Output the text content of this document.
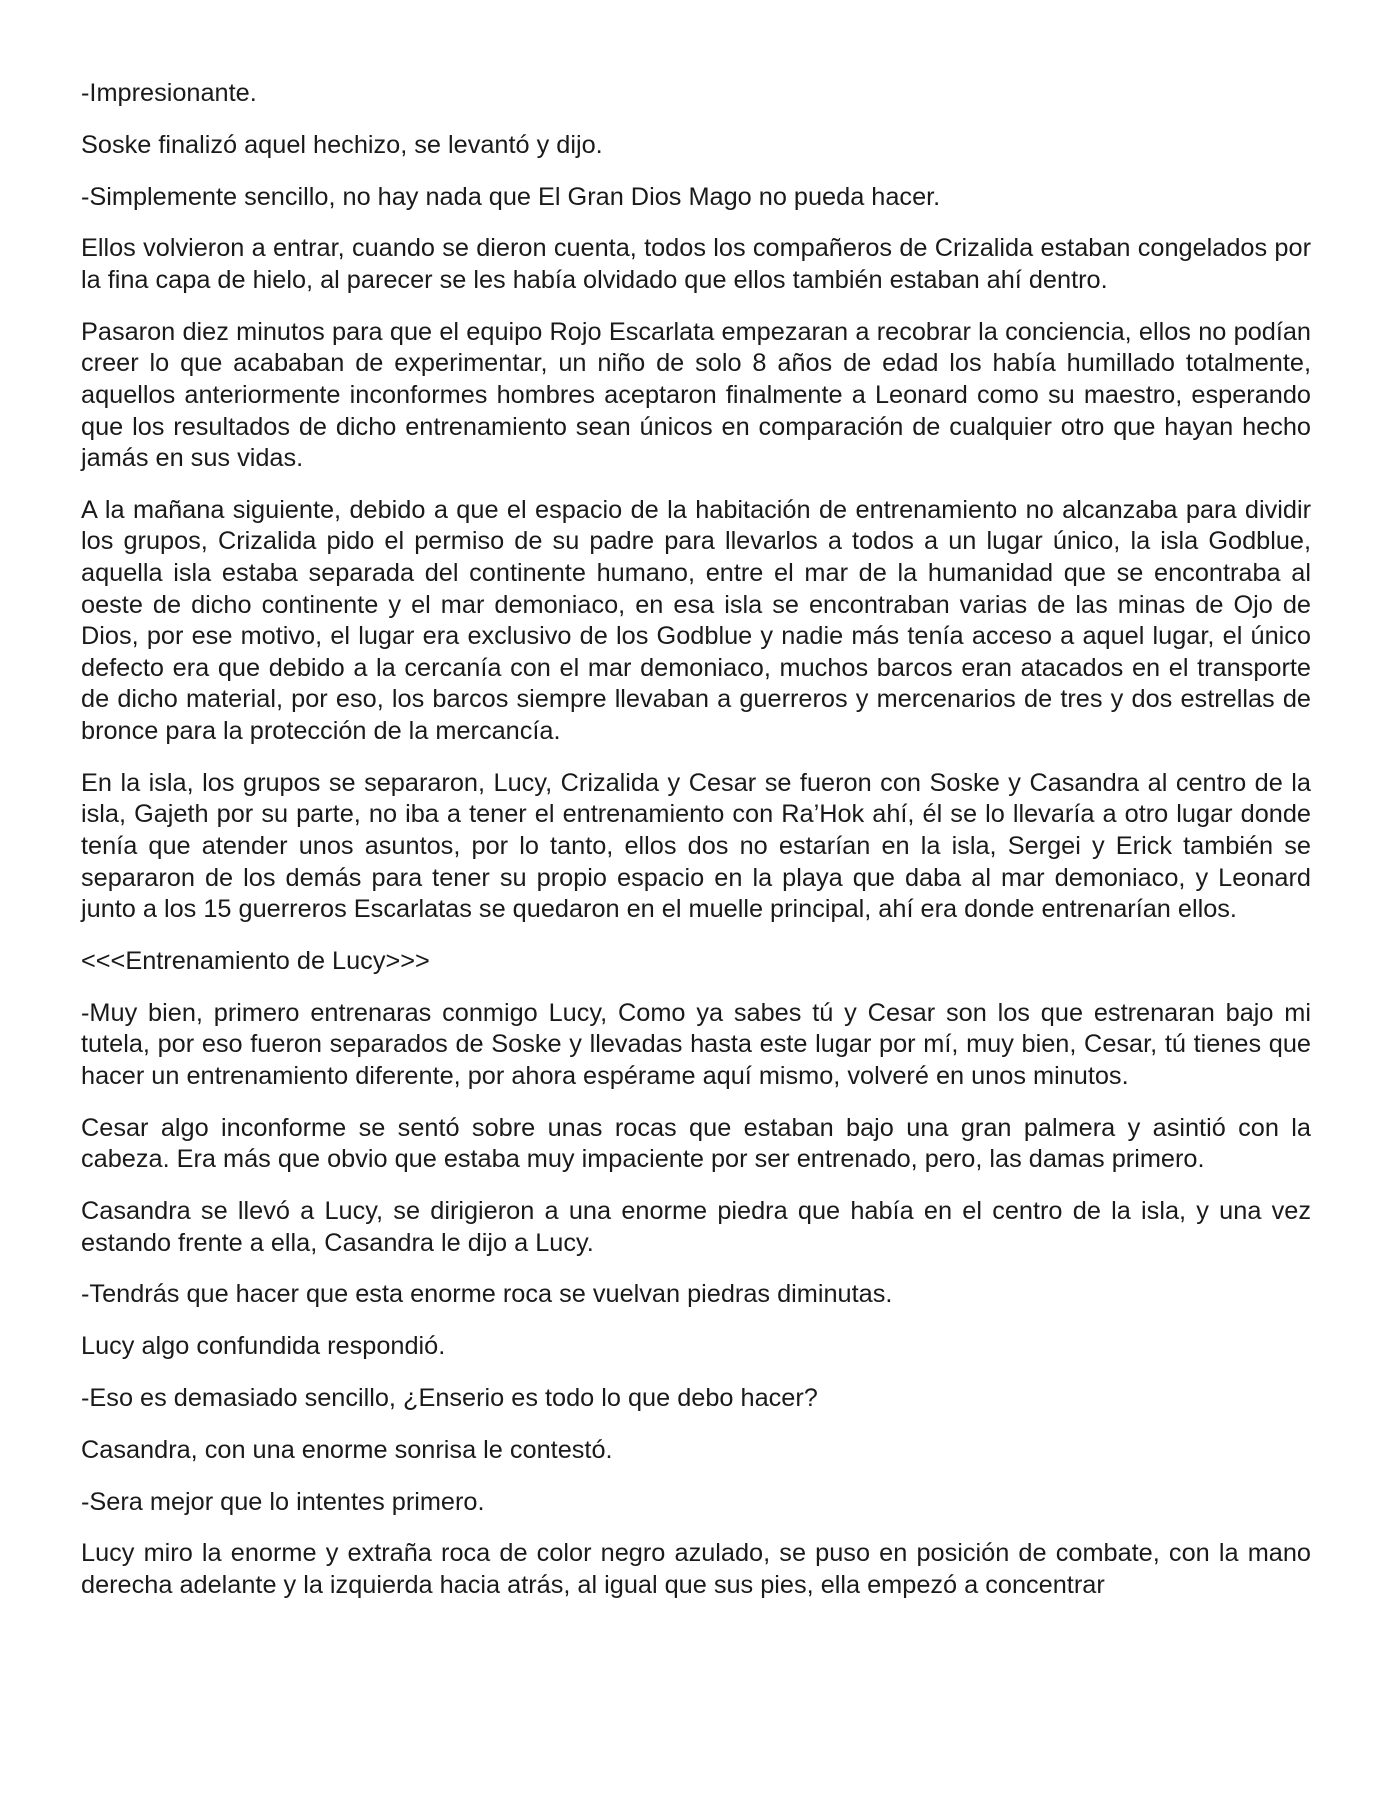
-Impresionante.

Soske finalizó aquel hechizo, se levantó y dijo.

-Simplemente sencillo, no hay nada que El Gran Dios Mago no pueda hacer.

Ellos volvieron a entrar, cuando se dieron cuenta, todos los compañeros de Crizalida estaban congelados por la fina capa de hielo, al parecer se les había olvidado que ellos también estaban ahí dentro.

Pasaron diez minutos para que el equipo Rojo Escarlata empezaran a recobrar la conciencia, ellos no podían creer lo que acababan de experimentar, un niño de solo 8 años de edad los había humillado totalmente, aquellos anteriormente inconformes hombres aceptaron finalmente a Leonard como su maestro, esperando que los resultados de dicho entrenamiento sean únicos en comparación de cualquier otro que hayan hecho jamás en sus vidas.

A la mañana siguiente, debido a que el espacio de la habitación de entrenamiento no alcanzaba para dividir los grupos, Crizalida pido el permiso de su padre para llevarlos a todos a un lugar único, la isla Godblue, aquella isla estaba separada del continente humano, entre el mar de la humanidad que se encontraba al oeste de dicho continente y el mar demoniaco, en esa isla se encontraban varias de las minas de Ojo de Dios, por ese motivo, el lugar era exclusivo de los Godblue y nadie más tenía acceso a aquel lugar, el único defecto era que debido a la cercanía con el mar demoniaco, muchos barcos eran atacados en el transporte de dicho material, por eso, los barcos siempre llevaban a guerreros y mercenarios de tres y dos estrellas de bronce para la protección de la mercancía.

En la isla, los grupos se separaron, Lucy, Crizalida y Cesar se fueron con Soske y Casandra al centro de la isla, Gajeth por su parte, no iba a tener el entrenamiento con Ra’Hok ahí, él se lo llevaría a otro lugar donde tenía que atender unos asuntos, por lo tanto, ellos dos no estarían en la isla, Sergei y Erick también se separaron de los demás para tener su propio espacio en la playa que daba al mar demoniaco, y Leonard junto a los 15 guerreros Escarlatas se quedaron en el muelle principal, ahí era donde entrenarían ellos.

<<<Entrenamiento de Lucy>>>

-Muy bien, primero entrenaras conmigo Lucy, Como ya sabes tú y Cesar son los que estrenaran bajo mi tutela, por eso fueron separados de Soske y llevadas hasta este lugar por mí, muy bien, Cesar, tú tienes que hacer un entrenamiento diferente, por ahora espérame aquí mismo, volveré en unos minutos.

Cesar algo inconforme se sentó sobre unas rocas que estaban bajo una gran palmera y asintió con la cabeza. Era más que obvio que estaba muy impaciente por ser entrenado, pero, las damas primero.

Casandra se llevó a Lucy, se dirigieron a una enorme piedra que había en el centro de la isla, y una vez estando frente a ella, Casandra le dijo a Lucy.

-Tendrás que hacer que esta enorme roca se vuelvan piedras diminutas.

Lucy algo confundida respondió.

-Eso es demasiado sencillo, ¿Enserio es todo lo que debo hacer?

Casandra, con una enorme sonrisa le contestó.

-Sera mejor que lo intentes primero.

Lucy miro la enorme y extraña roca de color negro azulado, se puso en posición de combate, con la mano derecha adelante y la izquierda hacia atrás, al igual que sus pies, ella empezó a concentrar
